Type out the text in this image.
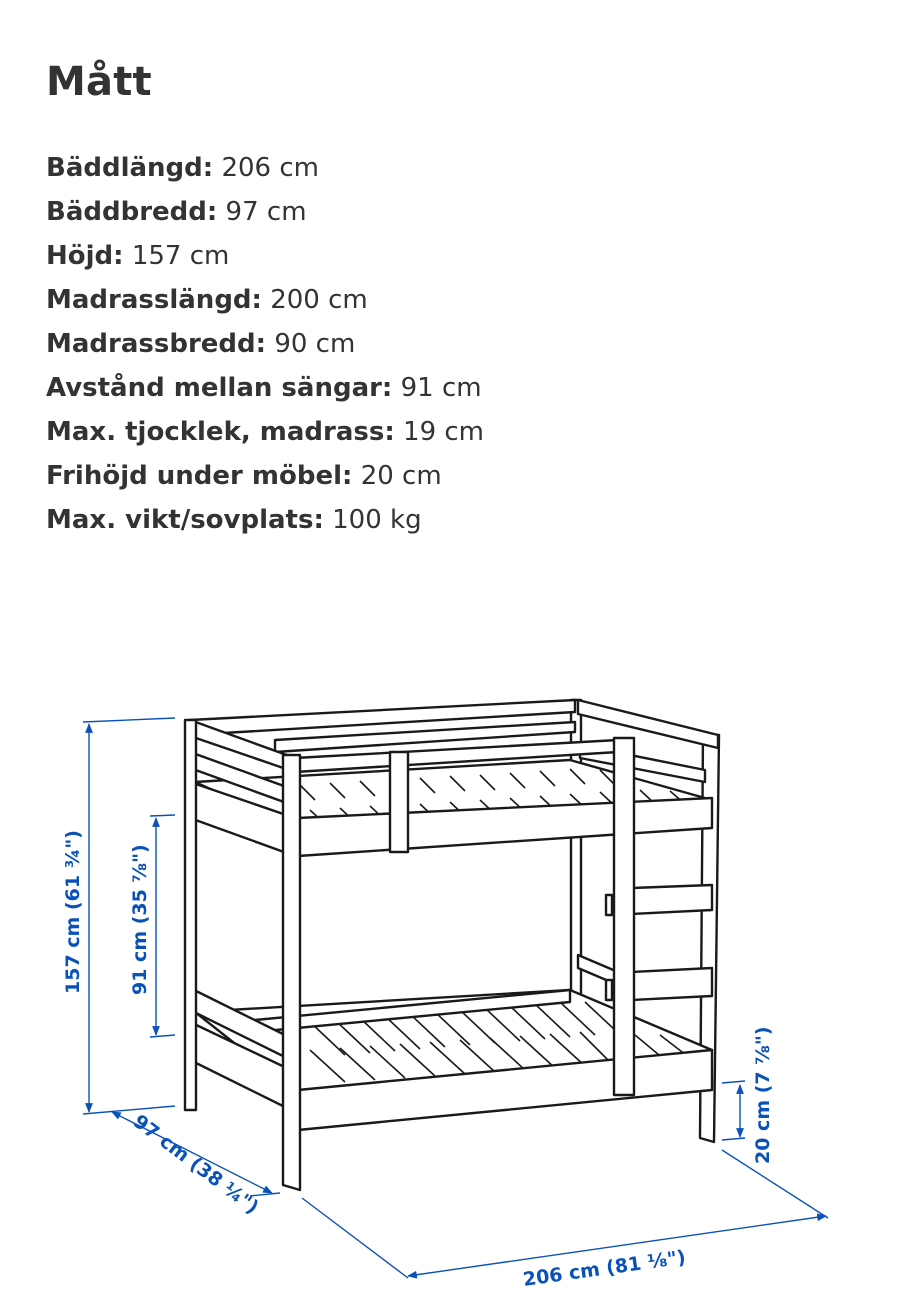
Mått
Bäddlängd: 206 cm
Bäddbredd: 97 cm
Höjd: 157 cm
Madrasslängd: 200 cm
Madrassbredd: 90 cm
Avstånd mellan sängar: 91 cm
Max. tjocklek, madrass: 19 cm
Frihöjd under möbel: 20 cm
Max. vikt/sovplats: 100 kg
157 cm (61 ¾") 91 cm (35 ⅞")
97 cm (38 ¼")
206 cm (81 ⅛")
20 cm (7 ⅞")
